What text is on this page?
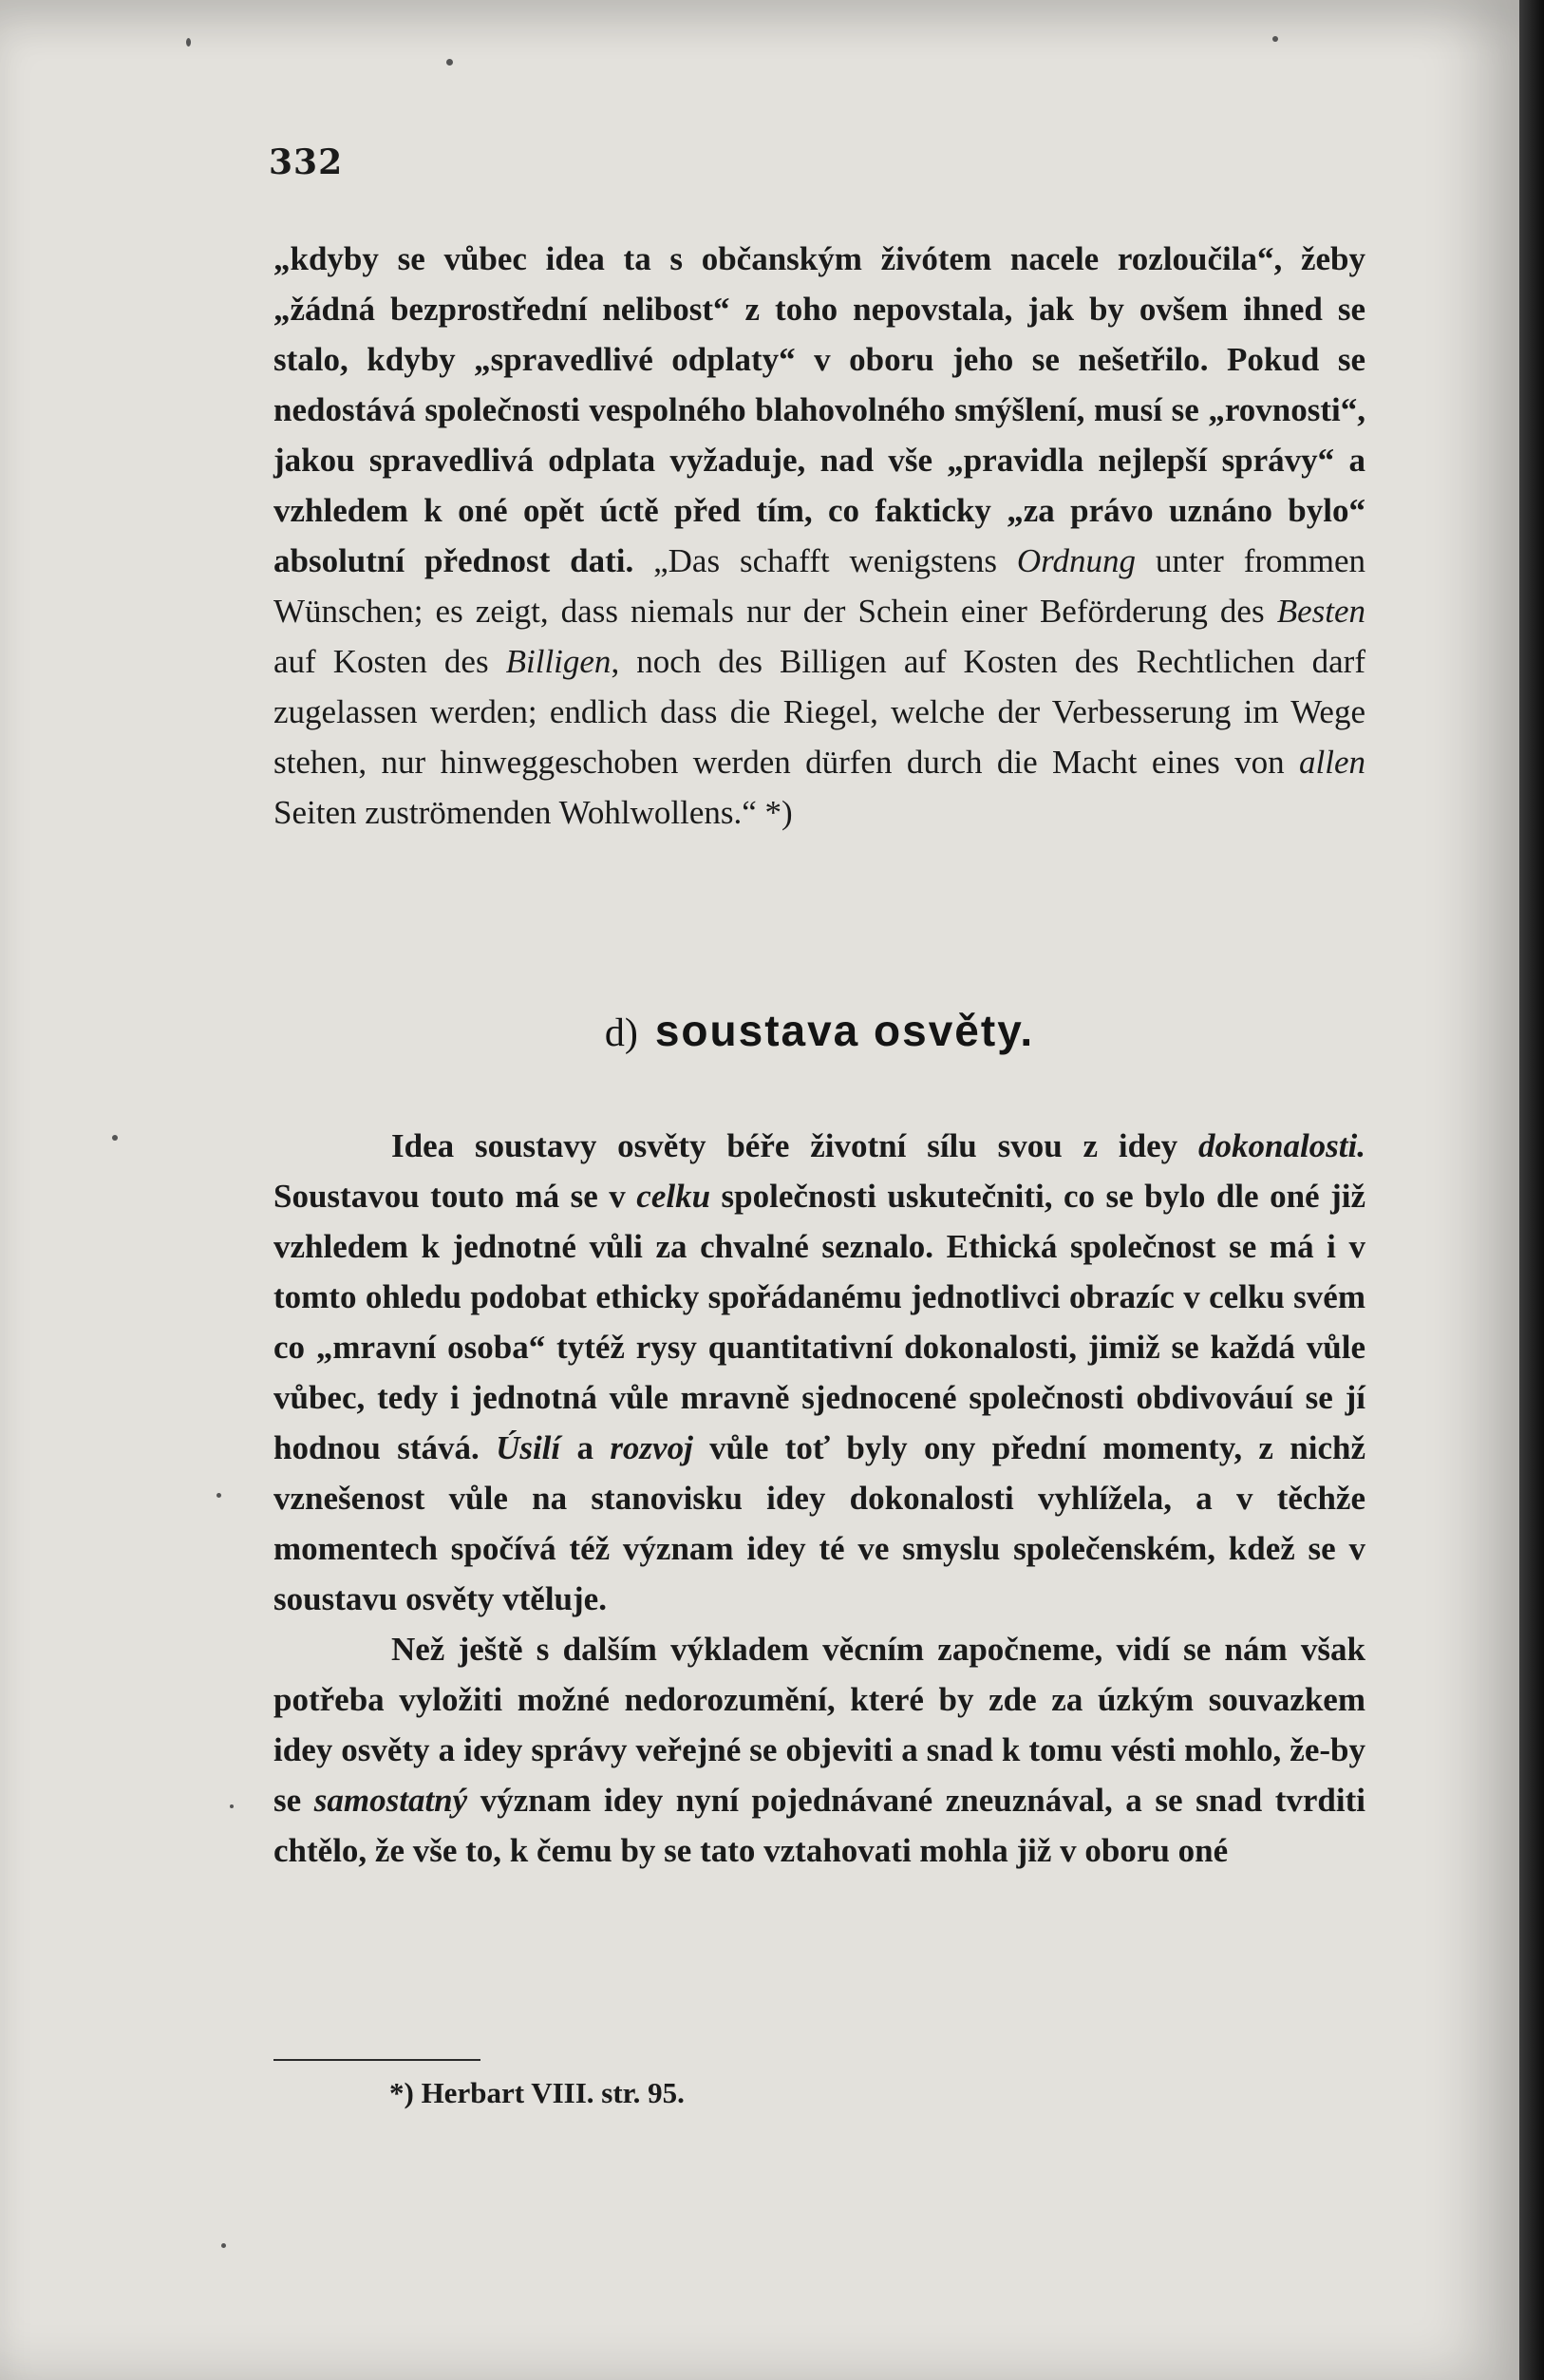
332

„kdyby se vůbec idea ta s občanským živótem nacele rozloučila“, žeby „žádná bezprostřední nelibost“ z toho nepovstala, jak by ovšem ihned se stalo, kdyby „spravedlivé odplaty“ v oboru jeho se nešetřilo. Pokud se nedostává společnosti vespolného blahovolného smýšlení, musí se „rovnosti“, jakou spravedlivá odplata vyžaduje, nad vše „pravidla nejlepší správy“ a vzhledem k oné opět úctě před tím, co fakticky „za právo uznáno bylo“ absolutní přednost dati. „Das schafft wenigstens Ordnung unter frommen Wünschen; es zeigt, dass niemals nur der Schein einer Beförderung des Besten auf Kosten des Billigen, noch des Billigen auf Kosten des Rechtlichen darf zugelassen werden; endlich dass die Riegel, welche der Verbesserung im Wege stehen, nur hinweggeschoben werden dürfen durch die Macht eines von allen Seiten zuströmenden Wohlwollens.“ *)

d) soustava osvěty.

Idea soustavy osvěty béře životní sílu svou z idey dokonalosti. Soustavou touto má se v celku společnosti uskutečniti, co se bylo dle oné již vzhledem k jednotné vůli za chvalné seznalo. Ethická společnost se má i v tomto ohledu podobat ethicky spořádanému jednotlivci obrazíc v celku svém co „mravní osoba“ tytéž rysy quantitativní dokonalosti, jimiž se každá vůle vůbec, tedy i jednotná vůle mravně sjednocené společnosti obdivováuí se jí hodnou stává. Úsilí a rozvoj vůle toť byly ony přední momenty, z nichž vznešenost vůle na stanovisku idey dokonalosti vyhlížela, a v těchže momentech spočívá též význam idey té ve smyslu společenském, kdež se v soustavu osvěty vtěluje.

Než ještě s dalším výkladem věcním započneme, vidí se nám však potřeba vyložiti možné nedorozumění, které by zde za úzkým souvazkem idey osvěty a idey správy veřejné se objeviti a snad k tomu vésti mohlo, že-by se samostatný význam idey nyní pojednávané zneuznával, a se snad tvrditi chtělo, že vše to, k čemu by se tato vztahovati mohla již v oboru oné

*) Herbart VIII. str. 95.
